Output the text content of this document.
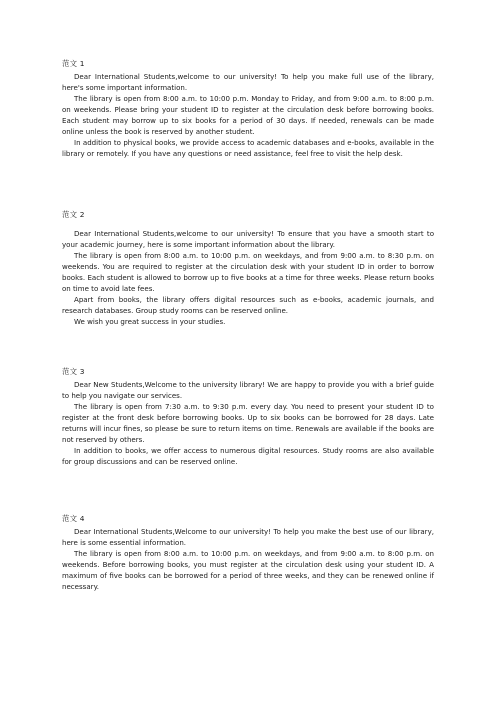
范文 1

Dear International Students,welcome to our university! To help you make full use of the library, here's some important information.

The library is open from 8:00 a.m. to 10:00 p.m. Monday to Friday, and from 9:00 a.m. to 8:00 p.m. on weekends. Please bring your student ID to register at the circulation desk before borrowing books. Each student may borrow up to six books for a period of 30 days. If needed, renewals can be made online unless the book is reserved by another student.

In addition to physical books, we provide access to academic databases and e-books, available in the library or remotely. If you have any questions or need assistance, feel free to visit the help desk.

范文 2

Dear International Students,welcome to our university! To ensure that you have a smooth start to your academic journey, here is some important information about the library.

The library is open from 8:00 a.m. to 10:00 p.m. on weekdays, and from 9:00 a.m. to 8:30 p.m. on weekends. You are required to register at the circulation desk with your student ID in order to borrow books. Each student is allowed to borrow up to five books at a time for three weeks. Please return books on time to avoid late fees.

Apart from books, the library offers digital resources such as e-books, academic journals, and research databases. Group study rooms can be reserved online.

We wish you great success in your studies.

范文 3

Dear New Students,Welcome to the university library! We are happy to provide you with a brief guide to help you navigate our services.

The library is open from 7:30 a.m. to 9:30 p.m. every day. You need to present your student ID to register at the front desk before borrowing books. Up to six books can be borrowed for 28 days. Late returns will incur fines, so please be sure to return items on time. Renewals are available if the books are not reserved by others.

In addition to books, we offer access to numerous digital resources. Study rooms are also available for group discussions and can be reserved online.

范文 4

Dear International Students,Welcome to our university! To help you make the best use of our library, here is some essential information.

The library is open from 8:00 a.m. to 10:00 p.m. on weekdays, and from 9:00 a.m. to 8:00 p.m. on weekends. Before borrowing books, you must register at the circulation desk using your student ID. A maximum of five books can be borrowed for a period of three weeks, and they can be renewed online if necessary.
